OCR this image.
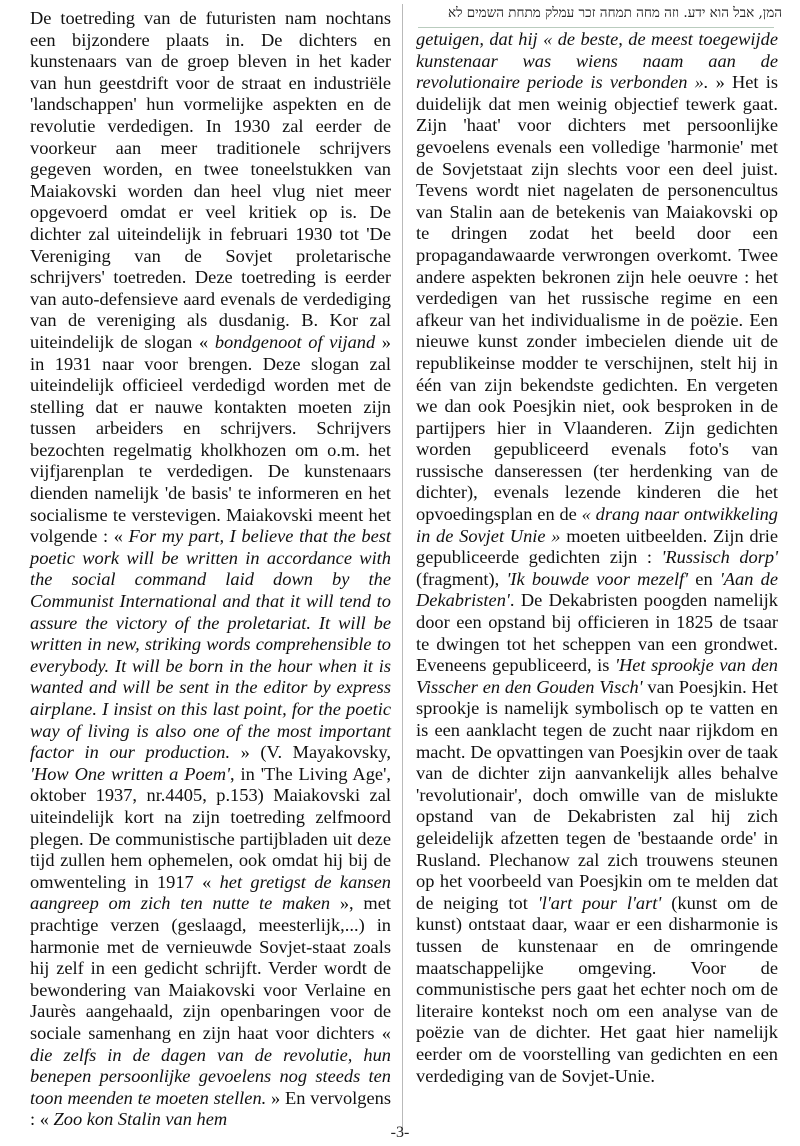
המן, אבל הוא ידע. וזה מחה תמחה זכר עמלק מתחת השמים לא

De toetreding van de futuristen nam nochtans een bijzondere plaats in. De dichters en kunstenaars van de groep bleven in het kader van hun geestdrift voor de straat en industriële 'landschappen' hun vormelijke aspekten en de revolutie verdedigen. In 1930 zal eerder de voorkeur aan meer traditionele schrijvers gegeven worden, en twee toneelstukken van Maiakovski worden dan heel vlug niet meer opgevoerd omdat er veel kritiek op is. De dichter zal uiteindelijk in februari 1930 tot 'De Vereniging van de Sovjet proletarische schrijvers' toetreden. Deze toetreding is eerder van auto-defensieve aard evenals de verdediging van de vereniging als dusdanig. B. Kor zal uiteindelijk de slogan « bondgenoot of vijand » in 1931 naar voor brengen. Deze slogan zal uiteindelijk officieel verdedigd worden met de stelling dat er nauwe kontakten moeten zijn tussen arbeiders en schrijvers. Schrijvers bezochten regelmatig kholkhozen om o.m. het vijfjarenplan te verdedigen. De kunstenaars dienden namelijk 'de basis' te informeren en het socialisme te verstevigen. Maiakovski meent het volgende : « For my part, I believe that the best poetic work will be written in accordance with the social command laid down by the Communist International and that it will tend to assure the victory of the proletariat. It will be written in new, striking words comprehensible to everybody. It will be born in the hour when it is wanted and will be sent in the editor by express airplane. I insist on this last point, for the poetic way of living is also one of the most important factor in our production. » (V. Mayakovsky, 'How One written a Poem', in 'The Living Age', oktober 1937, nr.4405, p.153) Maiakovski zal uiteindelijk kort na zijn toetreding zelfmoord plegen. De communistische partijbladen uit deze tijd zullen hem ophemelen, ook omdat hij bij de omwenteling in 1917 « het gretigst de kansen aangreep om zich ten nutte te maken », met prachtige verzen (geslaagd, meesterlijk,...) in harmonie met de vernieuwde Sovjet-staat zoals hij zelf in een gedicht schrijft. Verder wordt de bewondering van Maiakovski voor Verlaine en Jaurès aangehaald, zijn openbaringen voor de sociale samenhang en zijn haat voor dichters « die zelfs in de dagen van de revolutie, hun benepen persoonlijke gevoelens nog steeds ten toon meenden te moeten stellen. » En vervolgens : « Zoo kon Stalin van hem

getuigen, dat hij « de beste, de meest toegewijde kunstenaar was wiens naam aan de revolutionaire periode is verbonden ». » Het is duidelijk dat men weinig objectief tewerk gaat. Zijn 'haat' voor dichters met persoonlijke gevoelens evenals een volledige 'harmonie' met de Sovjetstaat zijn slechts voor een deel juist. Tevens wordt niet nagelaten de personencultus van Stalin aan de betekenis van Maiakovski op te dringen zodat het beeld door een propagandawaarde verwrongen overkomt. Twee andere aspekten bekronen zijn hele oeuvre : het verdedigen van het russische regime en een afkeur van het individualisme in de poëzie. Een nieuwe kunst zonder imbecielen diende uit de republikeinse modder te verschijnen, stelt hij in één van zijn bekendste gedichten. En vergeten we dan ook Poesjkin niet, ook besproken in de partijpers hier in Vlaanderen. Zijn gedichten worden gepubliceerd evenals foto's van russische danseressen (ter herdenking van de dichter), evenals lezende kinderen die het opvoedingsplan en de « drang naar ontwikkeling in de Sovjet Unie » moeten uitbeelden. Zijn drie gepubliceerde gedichten zijn : 'Russisch dorp' (fragment), 'Ik bouwde voor mezelf' en 'Aan de Dekabristen'. De Dekabristen poogden namelijk door een opstand bij officieren in 1825 de tsaar te dwingen tot het scheppen van een grondwet. Eveneens gepubliceerd, is 'Het sprookje van den Visscher en den Gouden Visch' van Poesjkin. Het sprookje is namelijk symbolisch op te vatten en is een aanklacht tegen de zucht naar rijkdom en macht. De opvattingen van Poesjkin over de taak van de dichter zijn aanvankelijk alles behalve 'revolutionair', doch omwille van de mislukte opstand van de Dekabristen zal hij zich geleidelijk afzetten tegen de 'bestaande orde' in Rusland. Plechanow zal zich trouwens steunen op het voorbeeld van Poesjkin om te melden dat de neiging tot 'l'art pour l'art' (kunst om de kunst) ontstaat daar, waar er een disharmonie is tussen de kunstenaar en de omringende maatschappelijke omgeving. Voor de communistische pers gaat het echter noch om de literaire kontekst noch om een analyse van de poëzie van de dichter. Het gaat hier namelijk eerder om de voorstelling van gedichten en een verdediging van de Sovjet-Unie.

-3-
